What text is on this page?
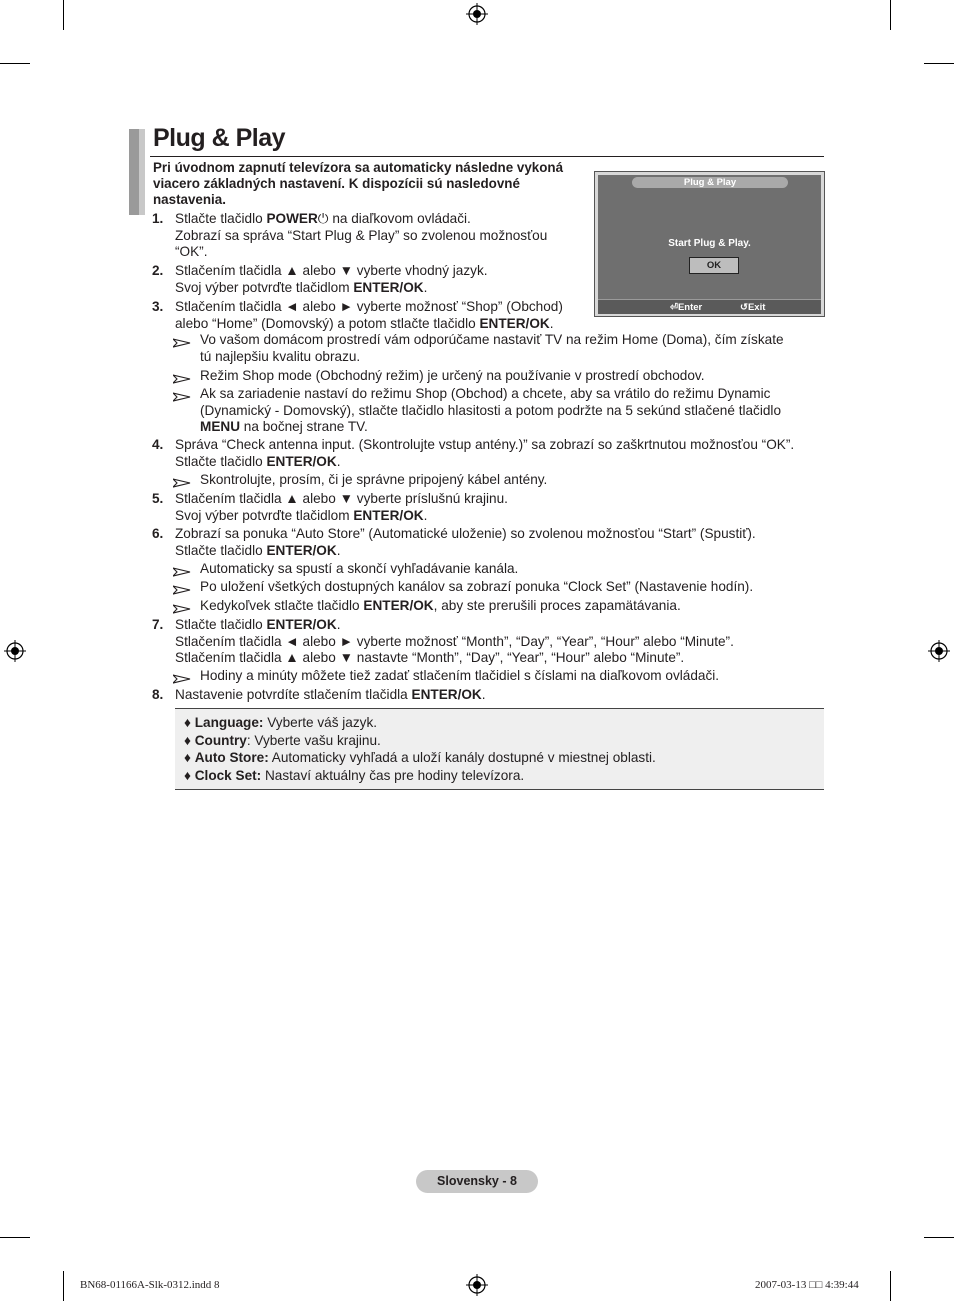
Plug & Play
Pri úvodnom zapnutí televízora sa automaticky následne vykoná viacero základných nastavení. K dispozícii sú nasledovné nastavenia.
Plug & Play
Start Plug & Play.
OK
⏎Enter	↺Exit
1. Stlačte tlačidlo POWER⏻ na diaľkovom ovládači.
Zobrazí sa správa “Start Plug & Play” so zvolenou možnosťou
“OK”.
2. Stlačením tlačidla ▲ alebo ▼ vyberte vhodný jazyk.
Svoj výber potvrďte tlačidlom ENTER/OK.
3. Stlačením tlačidla ◄ alebo ► vyberte možnosť “Shop” (Obchod)
alebo “Home” (Domovský) a potom stlačte tlačidlo ENTER/OK.
4. Správa “Check antenna input. (Skontrolujte vstup antény.)” sa zobrazí so zaškrtnutou možnosťou “OK”.
Stlačte tlačidlo ENTER/OK.
5. Stlačením tlačidla ▲ alebo ▼ vyberte príslušnú krajinu.
Svoj výber potvrďte tlačidlom ENTER/OK.
6. Zobrazí sa ponuka “Auto Store” (Automatické uloženie) so zvolenou možnosťou “Start” (Spustiť).
Stlačte tlačidlo ENTER/OK.
7. Stlačte tlačidlo ENTER/OK.
Stlačením tlačidla ◄ alebo ► vyberte možnosť “Month”, “Day”, “Year”, “Hour” alebo “Minute”.
Stlačením tlačidla ▲ alebo ▼ nastavte “Month”, “Day”, “Year”, “Hour” alebo “Minute”.
8. Nastavenie potvrdíte stlačením tlačidla ENTER/OK.
Vo vašom domácom prostredí vám odporúčame nastaviť TV na režim Home (Doma), čím získate
tú najlepšiu kvalitu obrazu.
Režim Shop mode (Obchodný režim) je určený na používanie v prostredí obchodov.
Ak sa zariadenie nastaví do režimu Shop (Obchod) a chcete, aby sa vrátilo do režimu Dynamic
(Dynamický - Domovský), stlačte tlačidlo hlasitosti a potom podržte na 5 sekúnd stlačené tlačidlo
MENU na bočnej strane TV.
Skontrolujte, prosím, či je správne pripojený kábel antény.
Automaticky sa spustí a skončí vyhľadávanie kanála.
Po uložení všetkých dostupných kanálov sa zobrazí ponuka “Clock Set” (Nastavenie hodín).
Kedykoľvek stlačte tlačidlo ENTER/OK, aby ste prerušili proces zapamätávania.
Hodiny a minúty môžete tiež zadať stlačením tlačidiel s číslami na diaľkovom ovládači.
♦ Language: Vyberte váš jazyk.
♦ Country: Vyberte vašu krajinu.
♦ Auto Store: Automaticky vyhľadá a uloží kanály dostupné v miestnej oblasti.
♦ Clock Set: Nastaví aktuálny čas pre hodiny televízora.
Slovensky - 8
BN68-01166A-Slk-0312.indd 8	2007-03-13 □□ 4:39:44
